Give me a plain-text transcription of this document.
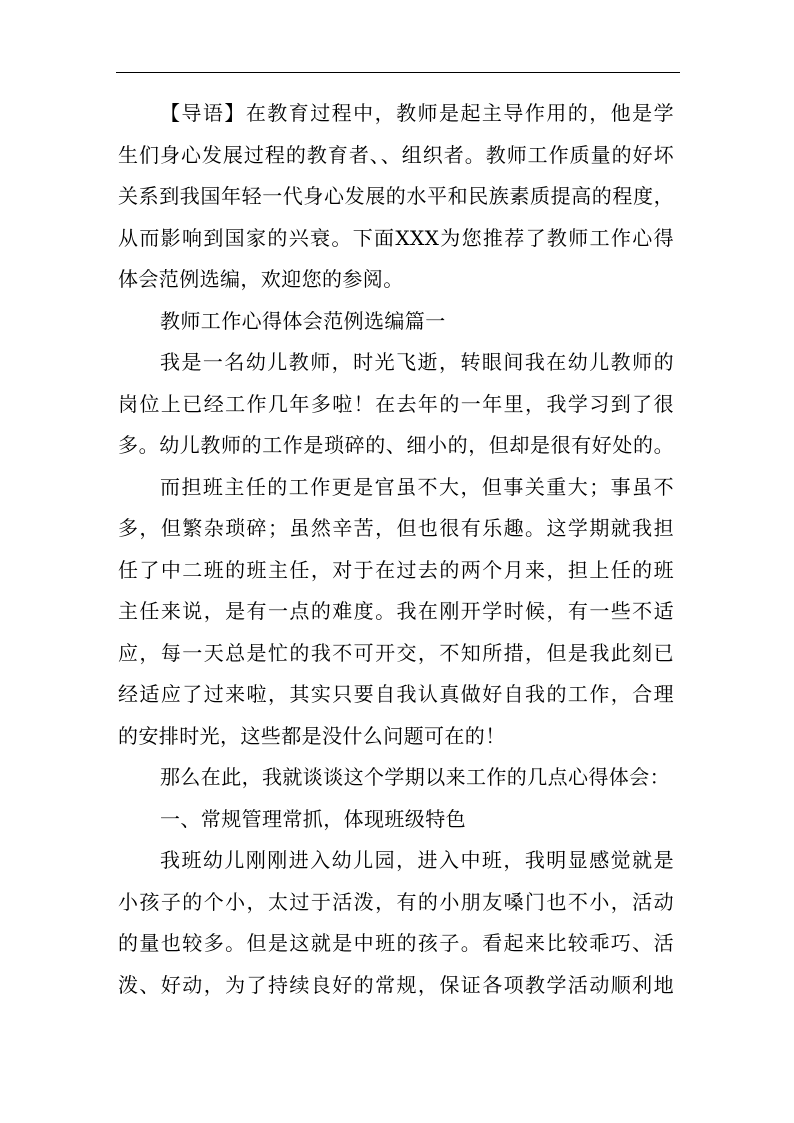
【导语】在教育过程中，教师是起主导作用的，他是学
生们身心发展过程的教育者、、组织者。教师工作质量的好坏
关系到我国年轻一代身心发展的水平和民族素质提高的程度，
从而影响到国家的兴衰。下面XXX为您推荐了教师工作心得
体会范例选编，欢迎您的参阅。
教师工作心得体会范例选编篇一
我是一名幼儿教师，时光飞逝，转眼间我在幼儿教师的
岗位上已经工作几年多啦！在去年的一年里，我学习到了很
多。幼儿教师的工作是琐碎的、细小的，但却是很有好处的。
而担班主任的工作更是官虽不大，但事关重大；事虽不
多，但繁杂琐碎；虽然辛苦，但也很有乐趣。这学期就我担
任了中二班的班主任，对于在过去的两个月来，担上任的班
主任来说，是有一点的难度。我在刚开学时候，有一些不适
应，每一天总是忙的我不可开交，不知所措，但是我此刻已
经适应了过来啦，其实只要自我认真做好自我的工作，合理
的安排时光，这些都是没什么问题可在的！
那么在此，我就谈谈这个学期以来工作的几点心得体会：
一、常规管理常抓，体现班级特色
我班幼儿刚刚进入幼儿园，进入中班，我明显感觉就是
小孩子的个小，太过于活泼，有的小朋友嗓门也不小，活动
的量也较多。但是这就是中班的孩子。看起来比较乖巧、活
泼、好动，为了持续良好的常规，保证各项教学活动顺利地
